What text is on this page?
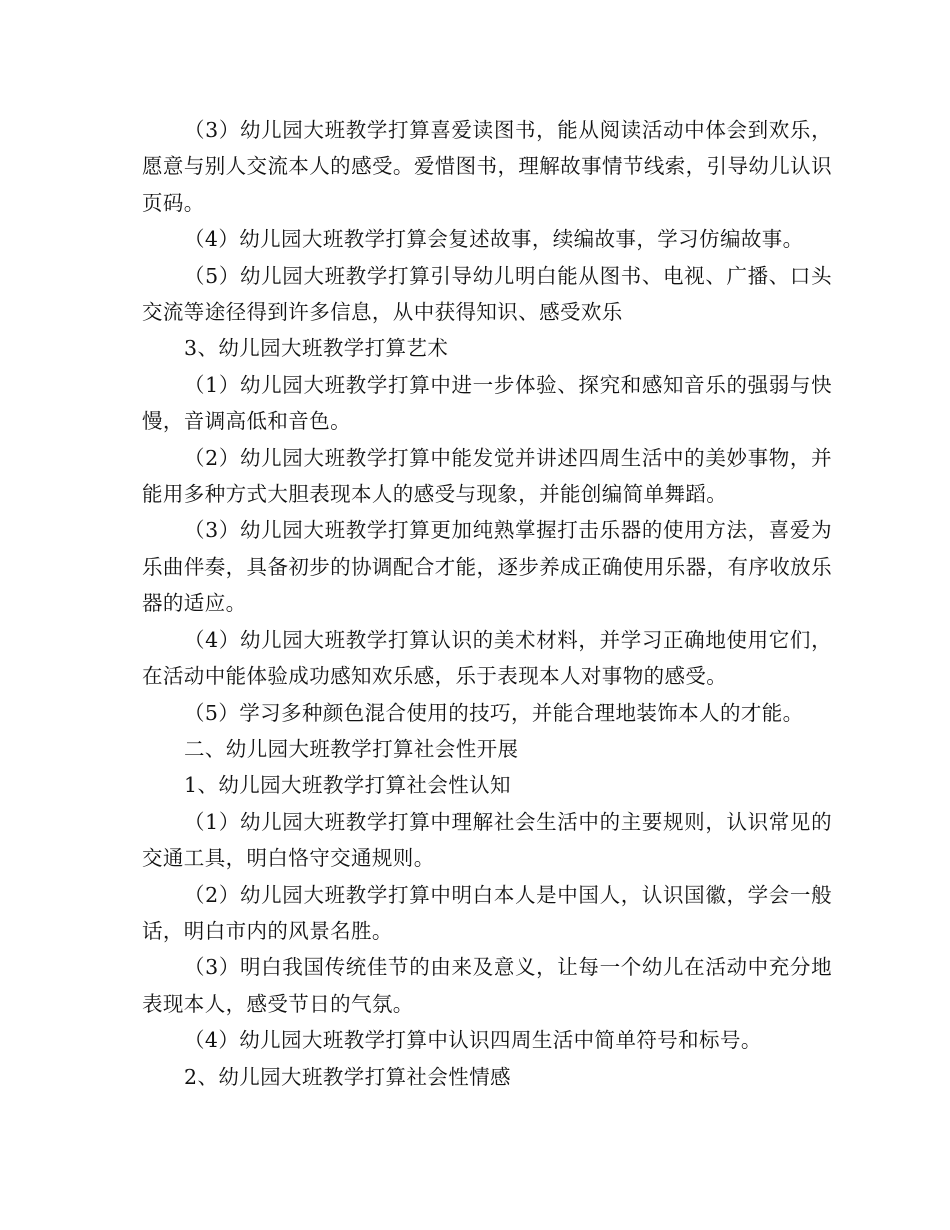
（3）幼儿园大班教学打算喜爱读图书，能从阅读活动中体会到欢乐，愿意与别人交流本人的感受。爱惜图书，理解故事情节线索，引导幼儿认识页码。

（4）幼儿园大班教学打算会复述故事，续编故事，学习仿编故事。

（5）幼儿园大班教学打算引导幼儿明白能从图书、电视、广播、口头交流等途径得到许多信息，从中获得知识、感受欢乐

3、幼儿园大班教学打算艺术

（1）幼儿园大班教学打算中进一步体验、探究和感知音乐的强弱与快慢，音调高低和音色。

（2）幼儿园大班教学打算中能发觉并讲述四周生活中的美妙事物，并能用多种方式大胆表现本人的感受与现象，并能创编简单舞蹈。

（3）幼儿园大班教学打算更加纯熟掌握打击乐器的使用方法，喜爱为乐曲伴奏，具备初步的协调配合才能，逐步养成正确使用乐器，有序收放乐器的适应。

（4）幼儿园大班教学打算认识的美术材料，并学习正确地使用它们，在活动中能体验成功感知欢乐感，乐于表现本人对事物的感受。

（5）学习多种颜色混合使用的技巧，并能合理地装饰本人的才能。

二、幼儿园大班教学打算社会性开展

1、幼儿园大班教学打算社会性认知

（1）幼儿园大班教学打算中理解社会生活中的主要规则，认识常见的交通工具，明白恪守交通规则。

（2）幼儿园大班教学打算中明白本人是中国人，认识国徽，学会一般话，明白市内的风景名胜。

（3）明白我国传统佳节的由来及意义，让每一个幼儿在活动中充分地表现本人，感受节日的气氛。

（4）幼儿园大班教学打算中认识四周生活中简单符号和标号。

2、幼儿园大班教学打算社会性情感
